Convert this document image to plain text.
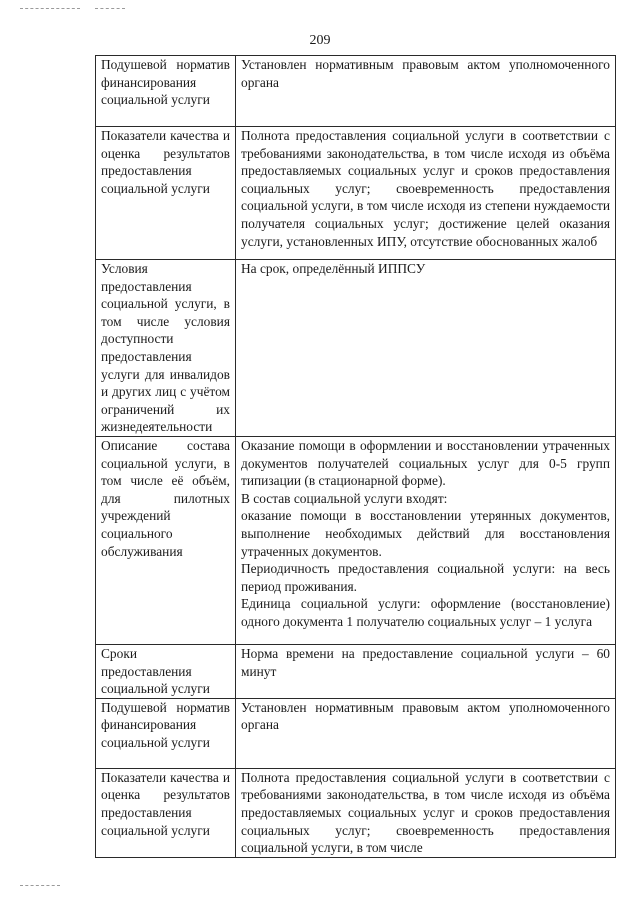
209
Подушевой норматив финансирования социальной услуги	Установлен нормативным правовым актом уполномоченного органа

Показатели качества и оценка результатов предоставления социальной услуги	Полнота предоставления социальной услуги в соответствии с требованиями законодательства, в том числе исходя из объёма предоставляемых социальных услуг и сроков предоставления социальных услуг; своевременность предоставления социальной услуги, в том числе исходя из степени нуждаемости получателя социальных услуг; достижение целей оказания услуги, установленных ИПУ, отсутствие обоснованных жалоб

Условия предоставления социальной услуги, в том числе условия доступности предоставления услуги для инвалидов и других лиц с учётом ограничений их жизнедеятельности	На срок, определённый ИППСУ

Описание состава социальной услуги, в том числе её объём, для пилотных учреждений социального обслуживания	Оказание помощи в оформлении и восстановлении утраченных документов получателей социальных услуг для 0-5 групп типизации (в стационарной форме).
В состав социальной услуги входят:
оказание помощи в восстановлении утерянных документов, выполнение необходимых действий для восстановления утраченных документов.
Периодичность предоставления социальной услуги: на весь период проживания.
Единица социальной услуги: оформление (восстановление) одного документа 1 получателю социальных услуг – 1 услуга

Сроки предоставления социальной услуги	Норма времени на предоставление социальной услуги – 60 минут

Подушевой норматив финансирования социальной услуги	Установлен нормативным правовым актом уполномоченного органа

Показатели качества и оценка результатов предоставления социальной услуги	Полнота предоставления социальной услуги в соответствии с требованиями законодательства, в том числе исходя из объёма предоставляемых социальных услуг и сроков предоставления социальных услуг; своевременность предоставления социальной услуги, в том числе
